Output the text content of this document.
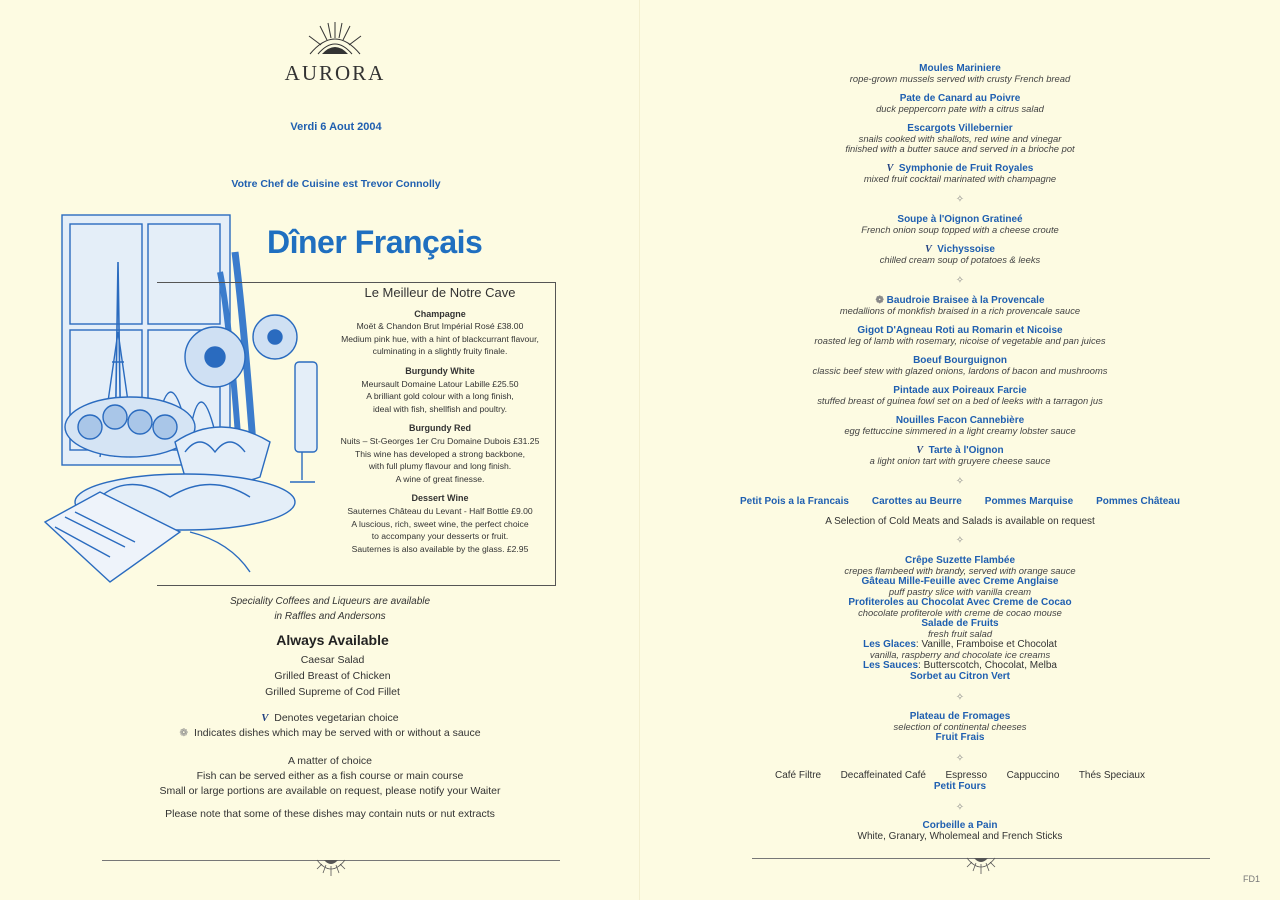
AURORA
Verdi 6 Aout 2004
Votre Chef de Cuisine est Trevor Connolly
Dîner Français
Le Meilleur de Notre Cave
Champagne
Moët & Chandon Brut Impérial Rosé £38.00
Medium pink hue, with a hint of blackcurrant flavour,
culminating in a slightly fruity finale.
Burgundy White
Meursault Domaine Latour Labille £25.50
A brilliant gold colour with a long finish,
ideal with fish, shellfish and poultry.
Burgundy Red
Nuits – St-Georges 1er Cru Domaine Dubois £31.25
This wine has developed a strong backbone,
with full plumy flavour and long finish.
A wine of great finesse.
Dessert Wine
Sauternes Château du Levant - Half Bottle £9.00
A luscious, rich, sweet wine, the perfect choice
to accompany your desserts or fruit.
Sauternes is also available by the glass. £2.95
Speciality Coffees and Liqueurs are available
in Raffles and Andersons
Always Available
Caesar Salad
Grilled Breast of Chicken
Grilled Supreme of Cod Fillet
V Denotes vegetarian choice
❁ Indicates dishes which may be served with or without a sauce
A matter of choice
Fish can be served either as a fish course or main course
Small or large portions are available on request, please notify your Waiter
Please note that some of these dishes may contain nuts or nut extracts
Moules Mariniere
rope-grown mussels served with crusty French bread
Pate de Canard au Poivre
duck peppercorn pate with a citrus salad
Escargots Villebernier
snails cooked with shallots, red wine and vinegar
finished with a butter sauce and served in a brioche pot
V Symphonie de Fruit Royales
mixed fruit cocktail marinated with champagne
✧
Soupe à l'Oignon Gratineé
French onion soup topped with a cheese croute
V Vichyssoise
chilled cream soup of potatoes & leeks
✧
❁ Baudroie Braisee à la Provencale
medallions of monkfish braised in a rich provencale sauce
Gigot D'Agneau Roti au Romarin et Nicoise
roasted leg of lamb with rosemary, nicoise of vegetable and pan juices
Boeuf Bourguignon
classic beef stew with glazed onions, lardons of bacon and mushrooms
Pintade aux Poireaux Farcie
stuffed breast of guinea fowl set on a bed of leeks with a tarragon jus
Nouilles Facon Cannebière
egg fettuccine simmered in a light creamy lobster sauce
V Tarte à l'Oignon
a light onion tart with gruyere cheese sauce
✧
Petit Pois a la Francais Carottes au Beurre Pommes Marquise Pommes Château
A Selection of Cold Meats and Salads is available on request
✧
Crêpe Suzette Flambée
crepes flambeed with brandy, served with orange sauce
Gâteau Mille-Feuille avec Creme Anglaise
puff pastry slice with vanilla cream
Profiteroles au Chocolat Avec Creme de Cocao
chocolate profiterole with creme de cocao mouse
Salade de Fruits
fresh fruit salad
Les Glaces: Vanille, Framboise et Chocolat
vanilla, raspberry and chocolate ice creams
Les Sauces: Butterscotch, Chocolat, Melba
Sorbet au Citron Vert
✧
Plateau de Fromages
selection of continental cheeses
Fruit Frais
✧
Café Filtre Decaffeinated Café Espresso Cappuccino Thés Speciaux
Petit Fours
✧
Corbeille a Pain
White, Granary, Wholemeal and French Sticks
FD1
